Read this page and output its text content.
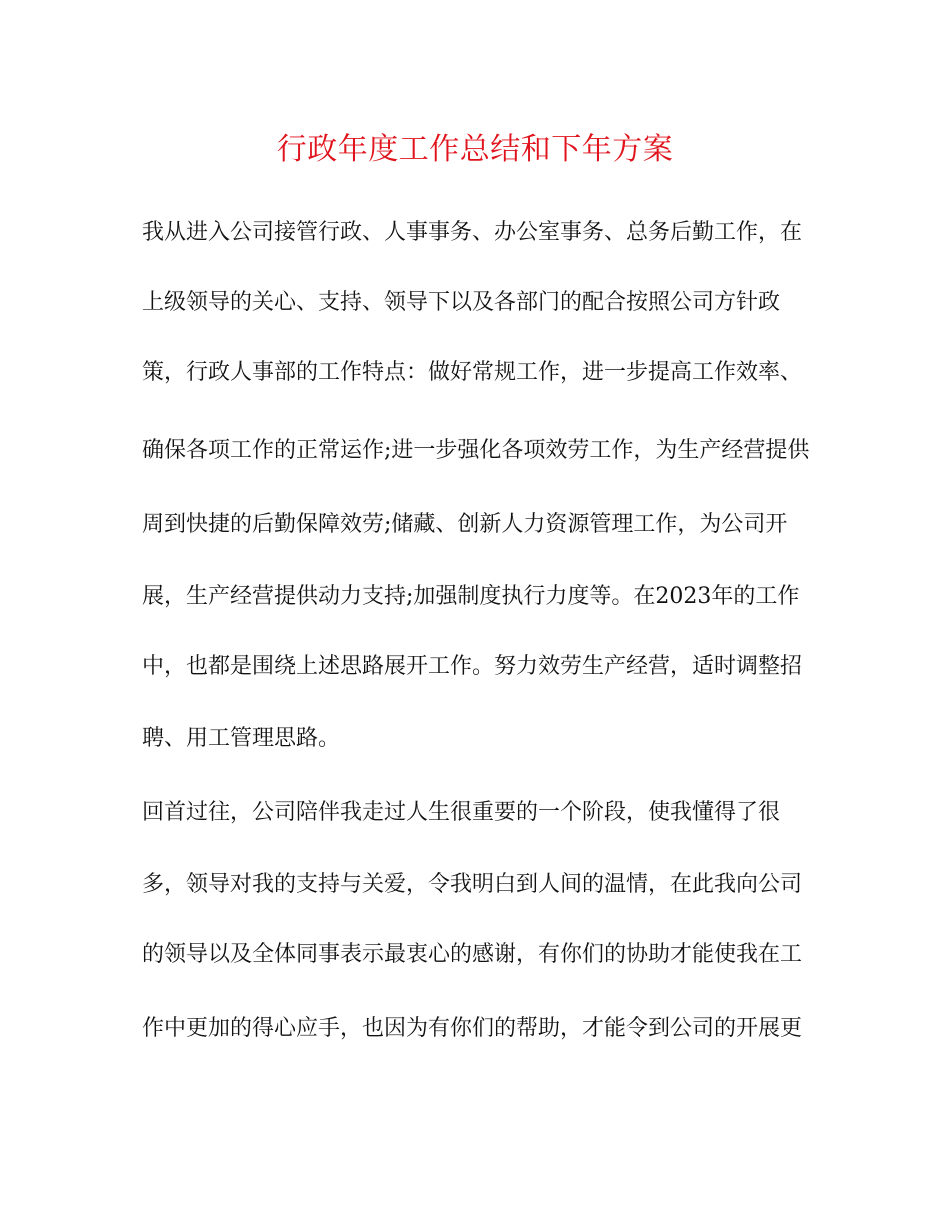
行政年度工作总结和下年方案
我从进入公司接管行政、人事事务、办公室事务、总务后勤工作，在
上级领导的关心、支持、领导下以及各部门的配合按照公司方针政
策，行政人事部的工作特点：做好常规工作，进一步提高工作效率、
确保各项工作的正常运作;进一步强化各项效劳工作，为生产经营提供
周到快捷的后勤保障效劳;储藏、创新人力资源管理工作，为公司开
展，生产经营提供动力支持;加强制度执行力度等。在2023年的工作
中，也都是围绕上述思路展开工作。努力效劳生产经营，适时调整招
聘、用工管理思路。
回首过往，公司陪伴我走过人生很重要的一个阶段，使我懂得了很
多，领导对我的支持与关爱，令我明白到人间的温情，在此我向公司
的领导以及全体同事表示最衷心的感谢，有你们的协助才能使我在工
作中更加的得心应手，也因为有你们的帮助，才能令到公司的开展更
